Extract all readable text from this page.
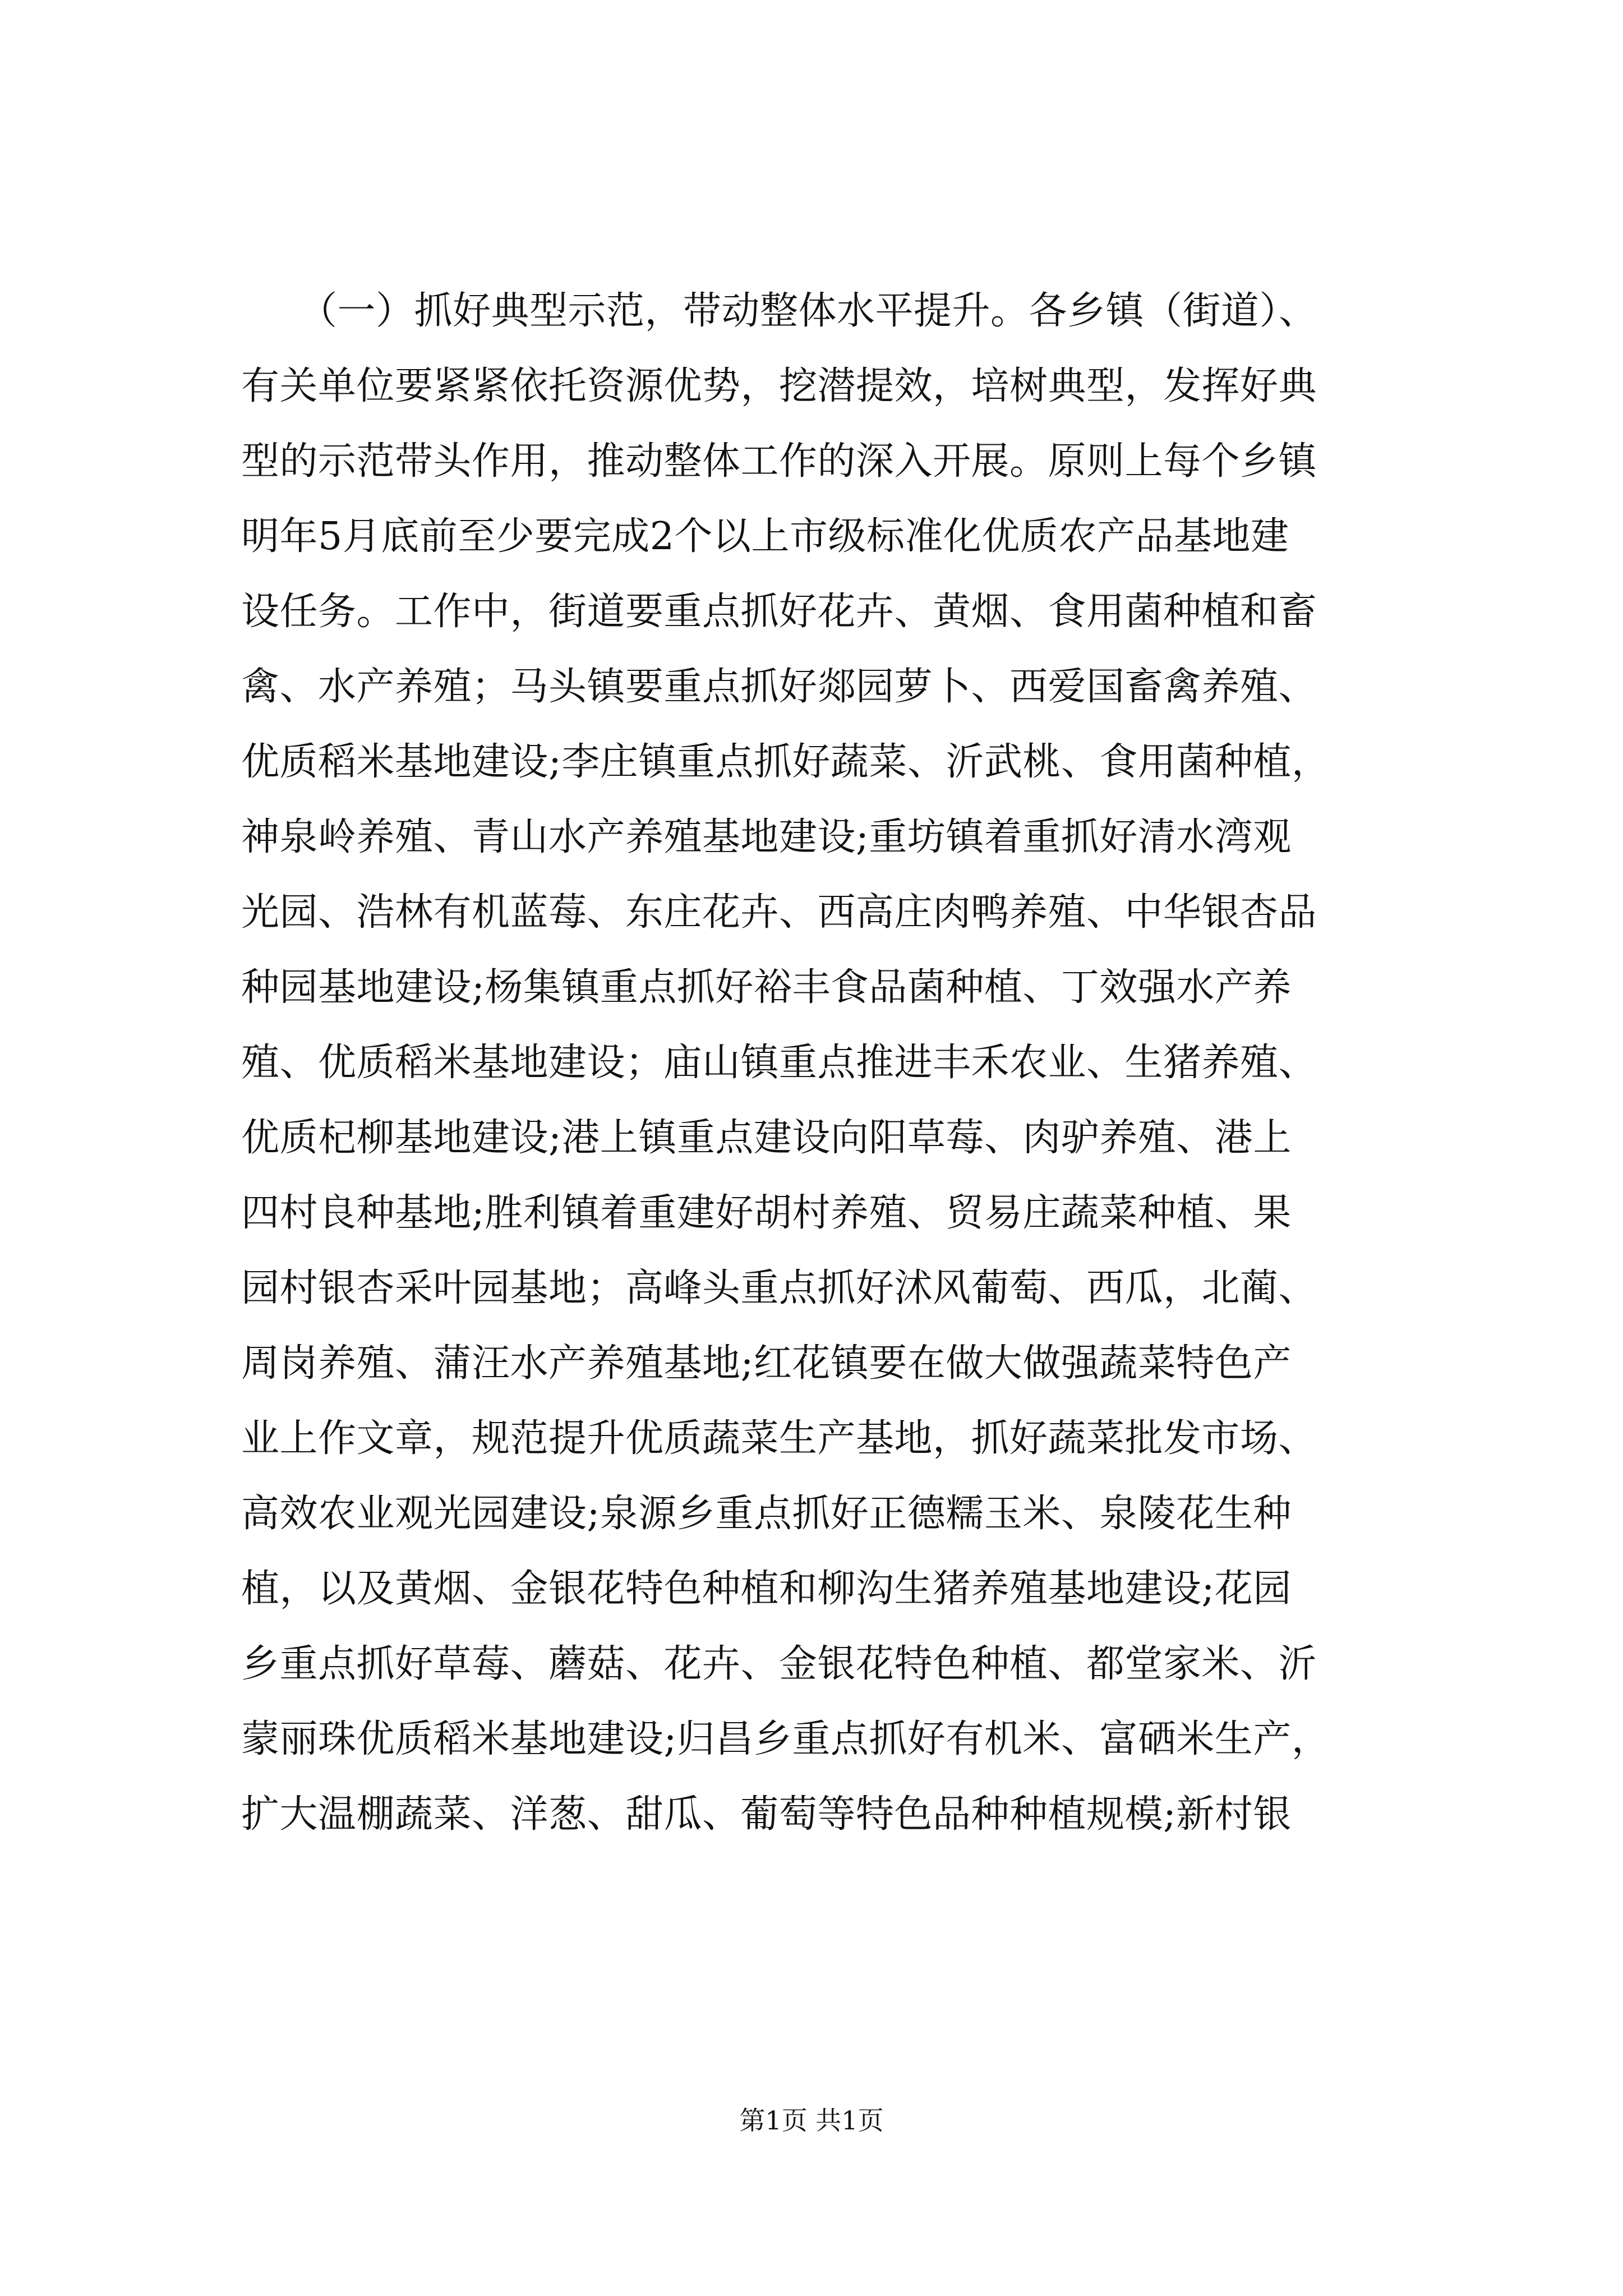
　　（一）抓好典型示范，带动整体水平提升。各乡镇（街道）、
有关单位要紧紧依托资源优势，挖潜提效，培树典型，发挥好典
型的示范带头作用，推动整体工作的深入开展。原则上每个乡镇
明年5月底前至少要完成2个以上市级标准化优质农产品基地建
设任务。工作中，街道要重点抓好花卉、黄烟、食用菌种植和畜
禽、水产养殖；马头镇要重点抓好郯园萝卜、西爱国畜禽养殖、
优质稻米基地建设;李庄镇重点抓好蔬菜、沂武桃、食用菌种植，
神泉岭养殖、青山水产养殖基地建设;重坊镇着重抓好清水湾观
光园、浩林有机蓝莓、东庄花卉、西高庄肉鸭养殖、中华银杏品
种园基地建设;杨集镇重点抓好裕丰食品菌种植、丁效强水产养
殖、优质稻米基地建设；庙山镇重点推进丰禾农业、生猪养殖、
优质杞柳基地建设;港上镇重点建设向阳草莓、肉驴养殖、港上
四村良种基地;胜利镇着重建好胡村养殖、贸易庄蔬菜种植、果
园村银杏采叶园基地；高峰头重点抓好沭风葡萄、西瓜，北蔺、
周岗养殖、蒲汪水产养殖基地;红花镇要在做大做强蔬菜特色产
业上作文章，规范提升优质蔬菜生产基地，抓好蔬菜批发市场、
高效农业观光园建设;泉源乡重点抓好正德糯玉米、泉陵花生种
植，以及黄烟、金银花特色种植和柳沟生猪养殖基地建设;花园
乡重点抓好草莓、蘑菇、花卉、金银花特色种植、都堂家米、沂
蒙丽珠优质稻米基地建设;归昌乡重点抓好有机米、富硒米生产，
扩大温棚蔬菜、洋葱、甜瓜、葡萄等特色品种种植规模;新村银
第1页 共1页
